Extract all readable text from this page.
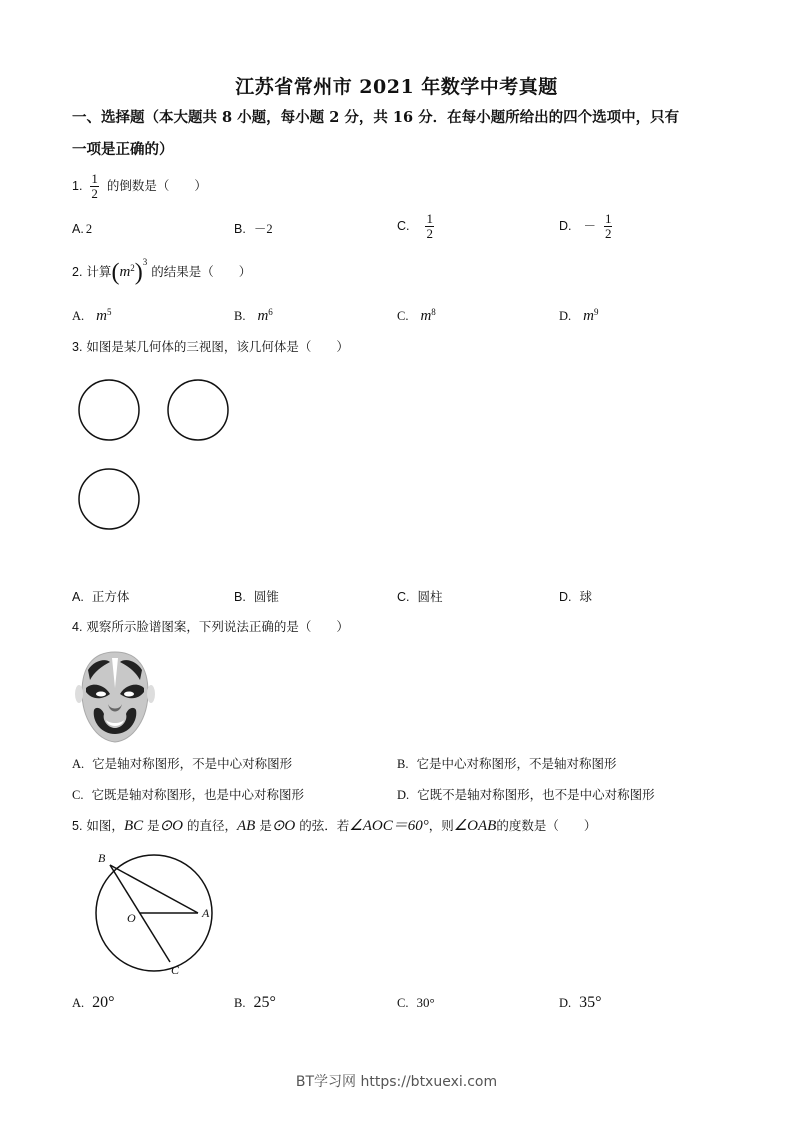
江苏省常州市 2021 年数学中考真题
一、选择题（本大题共 8 小题，每小题 2 分，共 16 分．在每小题所给出的四个选项中，只有
一项是正确的）
1. $\frac{1}{2}$ 的倒数是（　　）
A. 2	B. －2	C. $\frac{1}{2}$	D. － $\frac{1}{2}$
2. 计算$(m^2)^3$ 的结果是（　　）
A. $m^5$	B. $m^6$	C. $m^8$	D. $m^9$
3. 如图是某几何体的三视图，该几何体是（　　）
A. 正方体	B. 圆锥	C. 圆柱	D. 球
4. 观察所示脸谱图案，下列说法正确的是（　　）
A. 它是轴对称图形，不是中心对称图形	B. 它是中心对称图形，不是轴对称图形
C. 它既是轴对称图形，也是中心对称图形	D. 它既不是轴对称图形，也不是中心对称图形
5. 如图，BC 是⊙O 的直径，AB 是⊙O 的弦．若∠AOC＝60°，则∠OAB的度数是（　　）
B
O	A
C
A. 20°	B. 25°	C. 30°	D. 35°
BT学习网 https://btxuexi.com
